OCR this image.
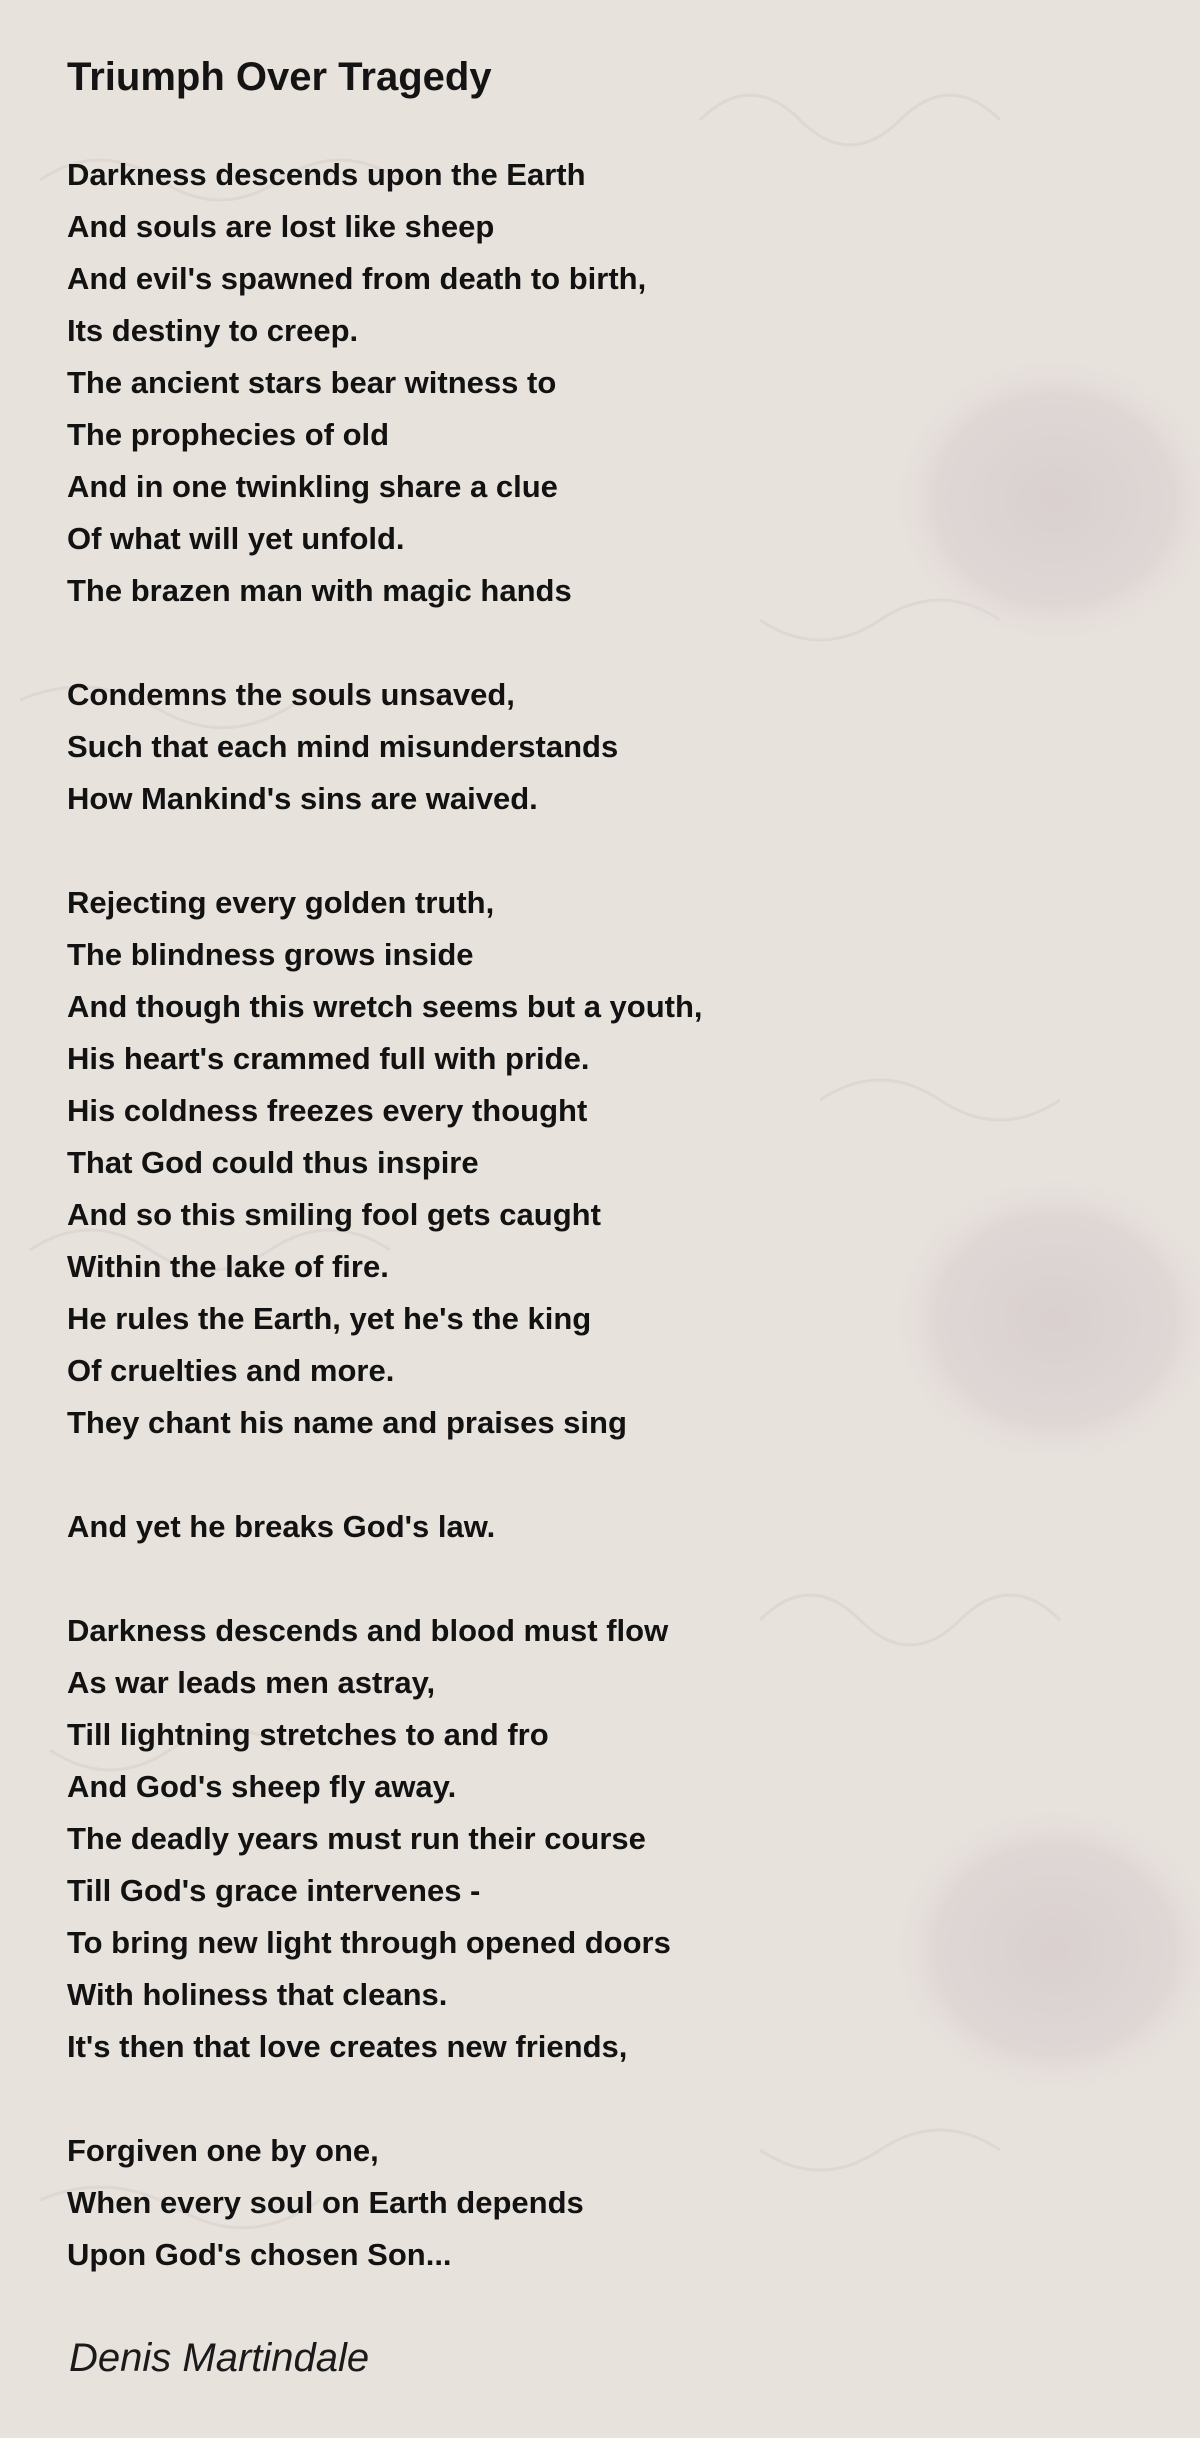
Triumph Over Tragedy
Darkness descends upon the Earth
And souls are lost like sheep
And evil's spawned from death to birth,
Its destiny to creep.
The ancient stars bear witness to
The prophecies of old
And in one twinkling share a clue
Of what will yet unfold.
The brazen man with magic hands
Condemns the souls unsaved,
Such that each mind misunderstands
How Mankind's sins are waived.
Rejecting every golden truth,
The blindness grows inside
And though this wretch seems but a youth,
His heart's crammed full with pride.
His coldness freezes every thought
That God could thus inspire
And so this smiling fool gets caught
Within the lake of fire.
He rules the Earth, yet he's the king
Of cruelties and more.
They chant his name and praises sing
And yet he breaks God's law.
Darkness descends and blood must flow
As war leads men astray,
Till lightning stretches to and fro
And God's sheep fly away.
The deadly years must run their course
Till God's grace intervenes -
To bring new light through opened doors
With holiness that cleans.
It's then that love creates new friends,
Forgiven one by one,
When every soul on Earth depends
Upon God's chosen Son...
Denis Martindale
